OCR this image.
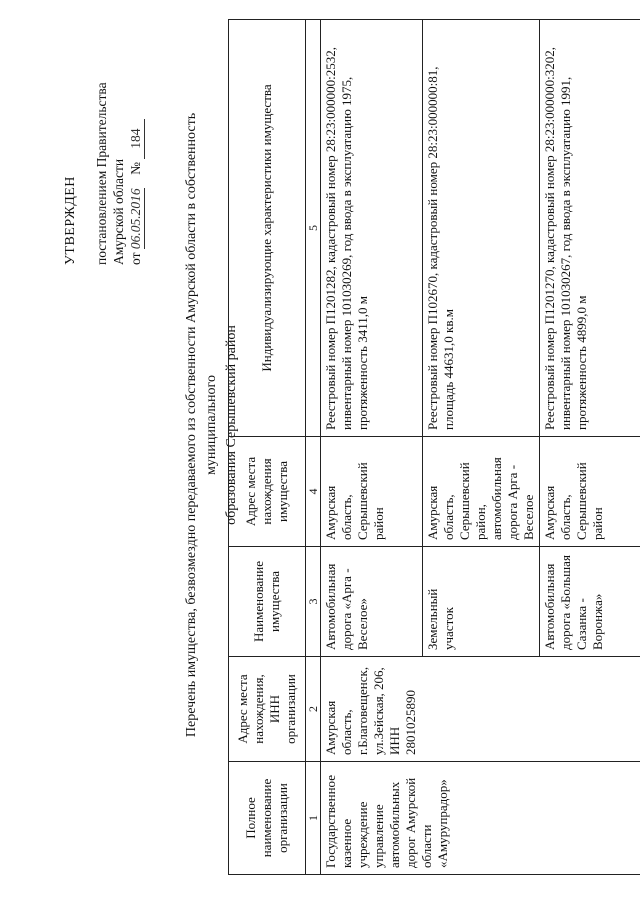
УТВЕРЖДЕН постановлением Правительства Амурской области от 06.05.2016    № 184	Перечень имущества, безвозмездно передаваемого из собственности Амурской области в собственность муниципального образования Серышевский район
Полное наименование организации	Адрес места нахождения, ИНН организации	Наименование имущества	Адрес места нахождения имущества	Индивидуализирующие характеристики имущества
1	2	3	4	5
Государственное казенное учреждение управление автомобильных дорог Амурской области «Амурупрадор»	Амурская область, г.Благовещенск, ул.Зейская, 206, ИНН 2801025890	Автомобильная дорога «Арга - Веселое»	Амурская область, Серышевский район	Реестровый номер П1201282, кадастровый номер 28:23:000000:2532, инвентарный номер 101030269, год ввода в эксплуатацию 1975, протяженность 3411,0 м
		Земельный участок	Амурская область, Серышевский район, автомобильная дорога Арга - Веселое	Реестровый номер П102670, кадастровый номер 28:23:000000:81, площадь 44631,0 кв.м
		Автомобильная дорога «Большая Сазанка - Воронжа»	Амурская область, Серышевский район	Реестровый номер П1201270, кадастровый номер 28:23:000000:3202, инвентарный номер 101030267, год ввода в эксплуатацию 1991, протяженность 4899,0 м
